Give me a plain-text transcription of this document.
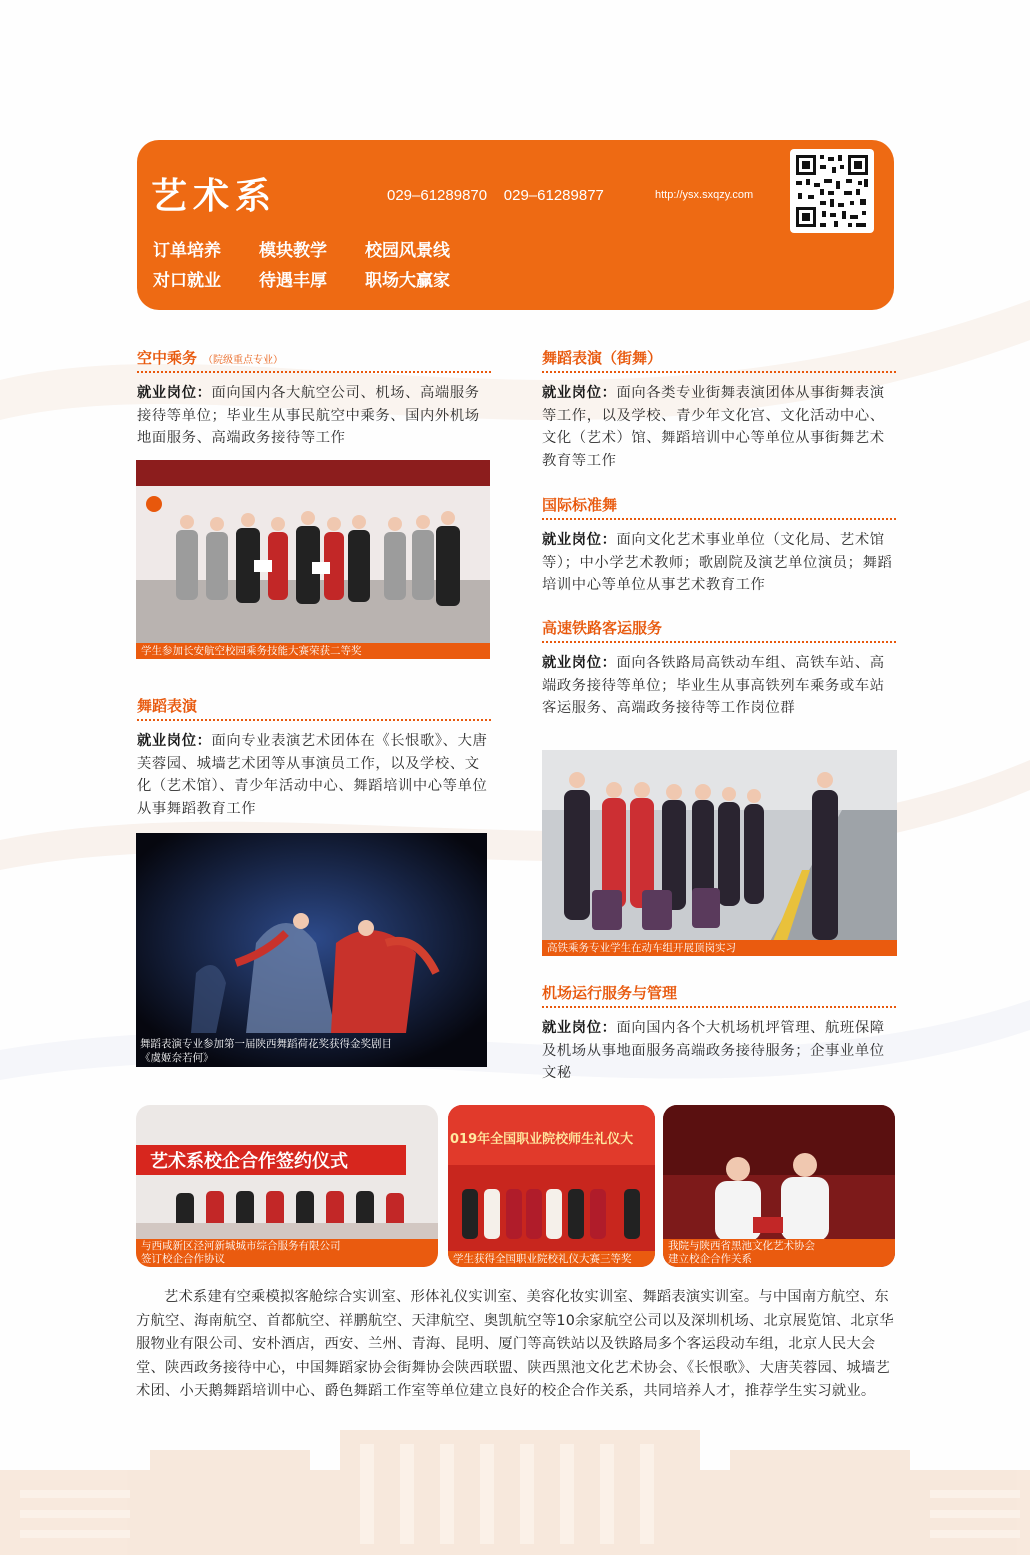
艺术系	029–61289870 029–61289877	http://ysx.sxqzy.com
订单培养 模块教学 校园风景线
对口就业 待遇丰厚 职场大赢家
空中乘务 （院级重点专业）
就业岗位：面向国内各大航空公司、机场、高端服务接待等单位；毕业生从事民航空中乘务、国内外机场地面服务、高端政务接待等工作
学生参加长安航空校园乘务技能大赛荣获二等奖
舞蹈表演
就业岗位：面向专业表演艺术团体在《长恨歌》、大唐芙蓉园、城墙艺术团等从事演员工作，以及学校、文化（艺术馆）、青少年活动中心、舞蹈培训中心等单位从事舞蹈教育工作
舞蹈表演专业参加第一届陕西舞蹈荷花奖获得金奖剧目
《虞姬奈若何》
舞蹈表演（街舞）
就业岗位：面向各类专业街舞表演团体从事街舞表演等工作，以及学校、青少年文化宫、文化活动中心、文化（艺术）馆、舞蹈培训中心等单位从事街舞艺术教育等工作
国际标准舞
就业岗位：面向文化艺术事业单位（文化局、艺术馆等）；中小学艺术教师；歌剧院及演艺单位演员；舞蹈培训中心等单位从事艺术教育工作
高速铁路客运服务
就业岗位：面向各铁路局高铁动车组、高铁车站、高端政务接待等单位；毕业生从事高铁列车乘务或车站客运服务、高端政务接待等工作岗位群
高铁乘务专业学生在动车组开展顶岗实习
机场运行服务与管理
就业岗位：面向国内各个大机场机坪管理、航班保障及机场从事地面服务高端政务接待服务；企事业单位文秘
艺术系校企合作签约仪式
与西咸新区泾河新城城市综合服务有限公司
签订校企合作协议
019年全国职业院校师生礼仪大
学生获得全国职业院校礼仪大赛三等奖
我院与陕西省黑池文化艺术协会
建立校企合作关系
艺术系建有空乘模拟客舱综合实训室、形体礼仪实训室、美容化妆实训室、舞蹈表演实训室。与中国南方航空、东方航空、海南航空、首都航空、祥鹏航空、天津航空、奥凯航空等10余家航空公司以及深圳机场、北京展览馆、北京华服物业有限公司、安朴酒店，西安、兰州、青海、昆明、厦门等高铁站以及铁路局多个客运段动车组，北京人民大会堂、陕西政务接待中心，中国舞蹈家协会街舞协会陕西联盟、陕西黑池文化艺术协会、《长恨歌》、大唐芙蓉园、城墙艺术团、小天鹅舞蹈培训中心、爵色舞蹈工作室等单位建立良好的校企合作关系，共同培养人才，推荐学生实习就业。
